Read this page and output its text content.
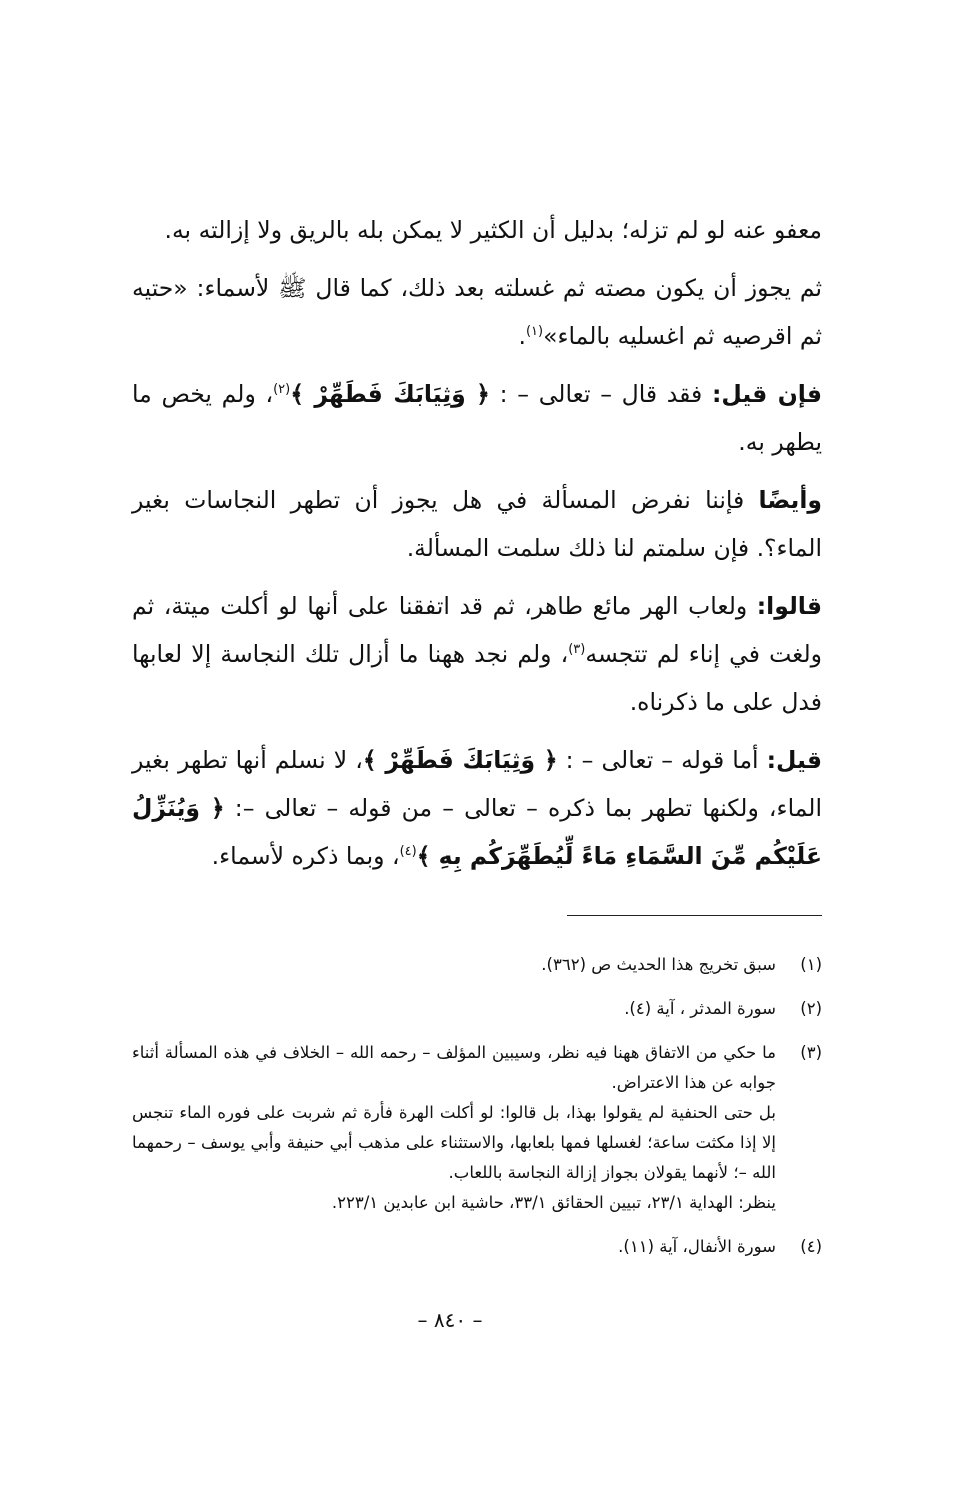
معفو عنه لو لم تزله؛ بدليل أن الكثير لا يمكن بله بالريق ولا إزالته به.

ثم يجوز أن يكون مصته ثم غسلته بعد ذلك، كما قال ﷺ لأسماء: «حتيه ثم اقرصيه ثم اغسليه بالماء»$^{(١)}$.

فإن قيل: فقد قال – تعالى – : ﴿ وَثِيَابَكَ فَطَهِّرْ ﴾$^{(٢)}$، ولم يخص ما يطهر به.

وأيضًا فإننا نفرض المسألة في هل يجوز أن تطهر النجاسات بغير الماء؟. فإن سلمتم لنا ذلك سلمت المسألة.

قالوا: ولعاب الهر مائع طاهر، ثم قد اتفقنا على أنها لو أكلت ميتة، ثم ولغت في إناء لم تتجسه$^{(٣)}$، ولم نجد ههنا ما أزال تلك النجاسة إلا لعابها فدل على ما ذكرناه.

قيل: أما قوله – تعالى – : ﴿ وَثِيَابَكَ فَطَهِّرْ ﴾، لا نسلم أنها تطهر بغير الماء، ولكنها تطهر بما ذكره – تعالى – من قوله – تعالى –: ﴿ وَيُنَزِّلُ عَلَيْكُم مِّنَ السَّمَاءِ مَاءً لِّيُطَهِّرَكُم بِهِ ﴾$^{(٤)}$، وبما ذكره لأسماء.

(١)
سبق تخريج هذا الحديث ص (٣٦٢).
(٢)
سورة المدثر ، آية (٤).
(٣)
ما حكي من الاتفاق ههنا فيه نظر، وسيبين المؤلف – رحمه الله – الخلاف في هذه المسألة أثناء جوابه عن هذا الاعتراض.
بل حتى الحنفية لم يقولوا بهذا، بل قالوا: لو أكلت الهرة فأرة ثم شربت على فوره الماء تنجس إلا إذا مكثت ساعة؛ لغسلها فمها بلعابها، والاستثناء على مذهب أبي حنيفة وأبي يوسف – رحمهما الله –؛ لأنهما يقولان بجواز إزالة النجاسة باللعاب.
ينظر: الهداية ٢٣/١، تبيين الحقائق ٣٣/١، حاشية ابن عابدين ٢٢٣/١.
(٤)
سورة الأنفال، آية (١١).
– ٨٤٠ –
